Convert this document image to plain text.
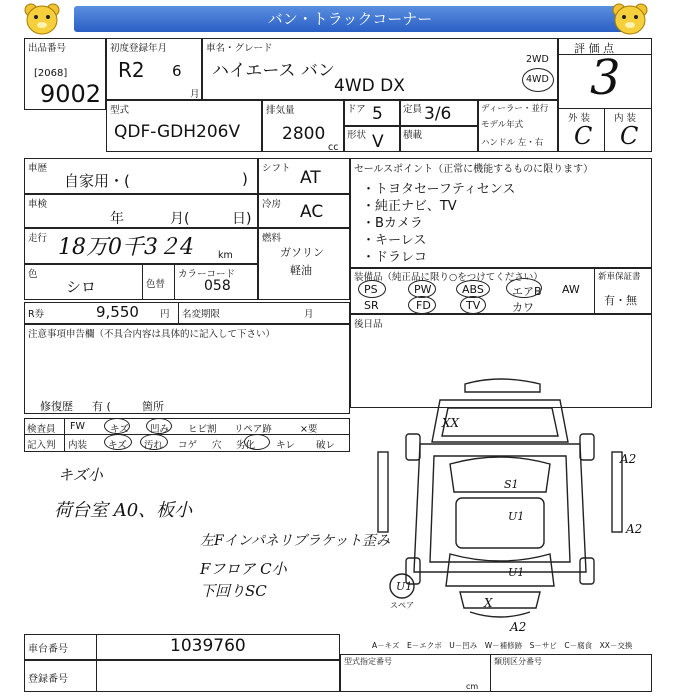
バン・トラックコーナー
出品番号
[2068]
9002
初度登録年月
R2 6
月
車名・グレード
ハイエース バン
4WD DX
2WD
4WD
評 価 点
3
外 装	内 装
C C
型式
QDF-GDH206V
排気量
2800
cc
ドア 5 定員 3/6
形状 V 積載
ディーラー・並行
モデル年式
ハンドル 左・右
車歴
自家用・(	)
車検
年	月(	日)
走行 18万0千3２4	km
色
シロ	色替
カラーコード
058
シフト AT
冷房 AC
燃料
ガソリン
軽油
セールスポイント（正常に機能するものに限ります）
・トヨタセーフティセンス
・純正ナビ、TV
・Bカメラ
・キーレス
・ドラレコ
装備品（純正品に限り○をつけてください）	新車保証書
有・無
PS	PW	ABS	エアB AW
SR	FD	TV	カワ
後日品
R券	9,550 円 名変期限	月
注意事項申告欄（不具合内容は具体的に記入して下さい）
修復歴 有 (	箇所
検査員
記入判
FW	キズ 凹み ヒビ割 リペア跡	×要
内装 キズ 汚れ コゲ 穴 劣化 キレ 破レ
キズ小
荷台室 A0、板小
左Fインパネリブラケット歪み
Fフロア C小
下回りSC
XX
A2
A2
S1
U1
U1
A2
U1
X
スペア
A－キズ　E－エクボ　U－凹み　W－補修跡　S－サビ　C－腐食　XX－交換
車台番号	1039760
登録番号
型式指定番号	類別区分番号
cm
